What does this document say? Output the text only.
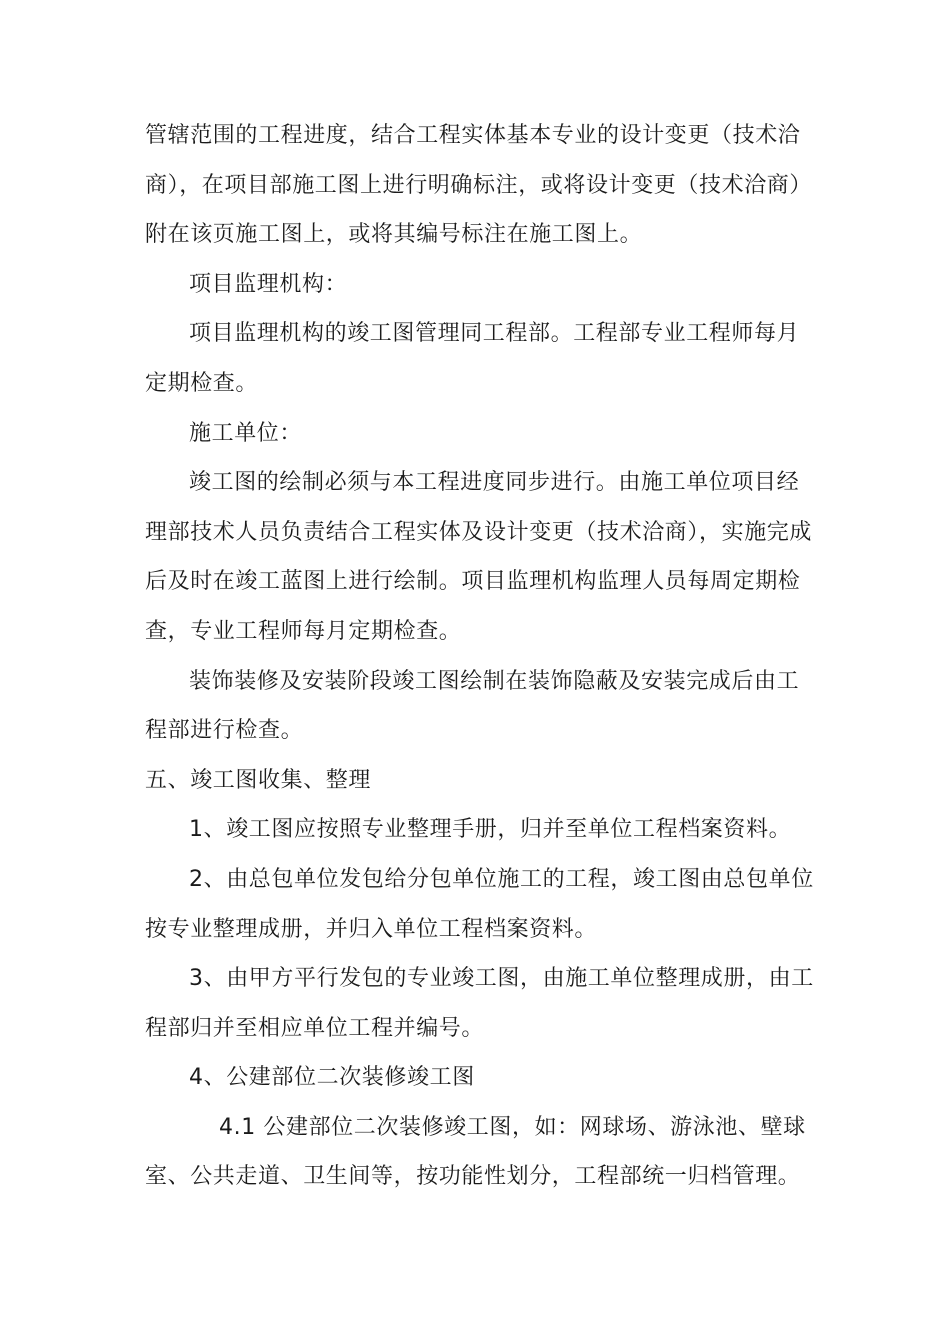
管辖范围的工程进度，结合工程实体基本专业的设计变更（技术洽商），在项目部施工图上进行明确标注，或将设计变更（技术洽商）附在该页施工图上，或将其编号标注在施工图上。

项目监理机构：

项目监理机构的竣工图管理同工程部。工程部专业工程师每月定期检查。

施工单位：

竣工图的绘制必须与本工程进度同步进行。由施工单位项目经理部技术人员负责结合工程实体及设计变更（技术洽商），实施完成后及时在竣工蓝图上进行绘制。项目监理机构监理人员每周定期检查，专业工程师每月定期检查。

装饰装修及安装阶段竣工图绘制在装饰隐蔽及安装完成后由工程部进行检查。

五、竣工图收集、整理

1、竣工图应按照专业整理手册，归并至单位工程档案资料。

2、由总包单位发包给分包单位施工的工程，竣工图由总包单位按专业整理成册，并归入单位工程档案资料。

3、由甲方平行发包的专业竣工图，由施工单位整理成册，由工程部归并至相应单位工程并编号。

4、公建部位二次装修竣工图

4.1 公建部位二次装修竣工图，如：网球场、游泳池、壁球室、公共走道、卫生间等，按功能性划分，工程部统一归档管理。
